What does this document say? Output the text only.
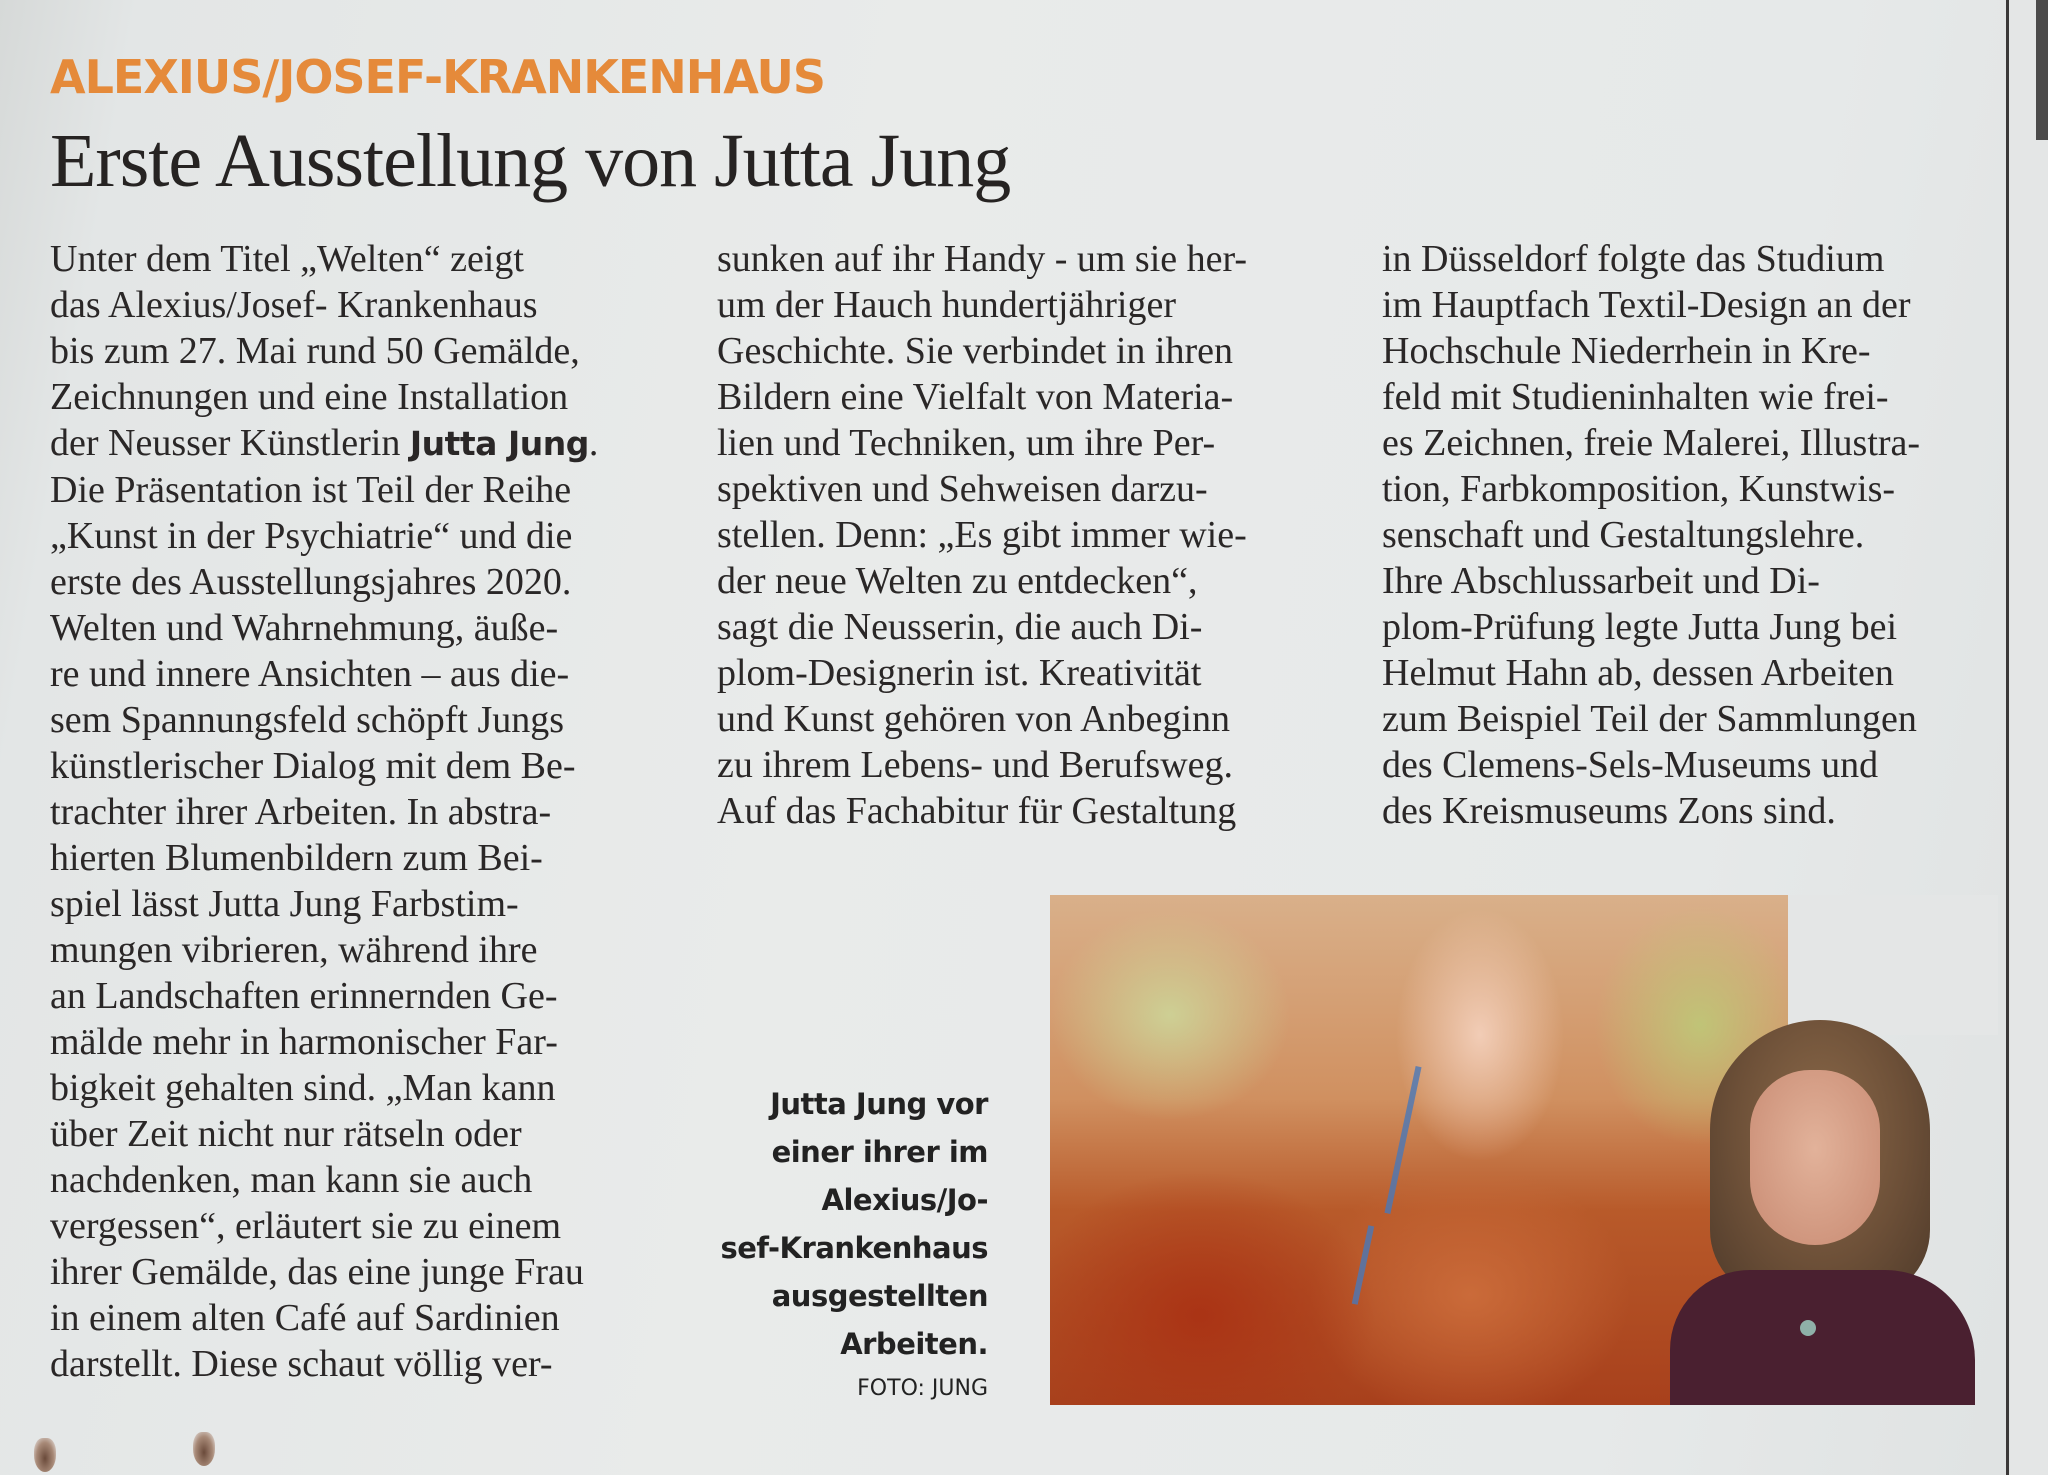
ALEXIUS/JOSEF-KRANKENHAUS
Erste Ausstellung von Jutta Jung
Unter dem Titel „Welten“ zeigt
das Alexius/Josef- Krankenhaus
bis zum 27. Mai rund 50 Gemälde,
Zeichnungen und eine Installation
der Neusser Künstlerin Jutta Jung.
Die Präsentation ist Teil der Reihe
„Kunst in der Psychiatrie“ und die
erste des Ausstellungsjahres 2020.
Welten und Wahrnehmung, äuße-
re und innere Ansichten – aus die-
sem Spannungsfeld schöpft Jungs
künstlerischer Dialog mit dem Be-
trachter ihrer Arbeiten. In abstra-
hierten Blumenbildern zum Bei-
spiel lässt Jutta Jung Farbstim-
mungen vibrieren, während ihre
an Landschaften erinnernden Ge-
mälde mehr in harmonischer Far-
bigkeit gehalten sind. „Man kann
über Zeit nicht nur rätseln oder
nachdenken, man kann sie auch
vergessen“, erläutert sie zu einem
ihrer Gemälde, das eine junge Frau
in einem alten Café auf Sardinien
darstellt. Diese schaut völlig ver-
sunken auf ihr Handy - um sie her-
um der Hauch hundertjähriger
Geschichte. Sie verbindet in ihren
Bildern eine Vielfalt von Materia-
lien und Techniken, um ihre Per-
spektiven und Sehweisen darzu-
stellen. Denn: „Es gibt immer wie-
der neue Welten zu entdecken“,
sagt die Neusserin, die auch Di-
plom-Designerin ist. Kreativität
und Kunst gehören von Anbeginn
zu ihrem Lebens- und Berufsweg.
Auf das Fachabitur für Gestaltung
in Düsseldorf folgte das Studium
im Hauptfach Textil-Design an der
Hochschule Niederrhein in Kre-
feld mit Studieninhalten wie frei-
es Zeichnen, freie Malerei, Illustra-
tion, Farbkomposition, Kunstwis-
senschaft und Gestaltungslehre.
Ihre Abschlussarbeit und Di-
plom-Prüfung legte Jutta Jung bei
Helmut Hahn ab, dessen Arbeiten
zum Beispiel Teil der Sammlungen
des Clemens-Sels-Museums und
des Kreismuseums Zons sind.
Jutta Jung vor
einer ihrer im
Alexius/Jo-
sef-Krankenhaus
ausgestellten
Arbeiten.
FOTO: JUNG
